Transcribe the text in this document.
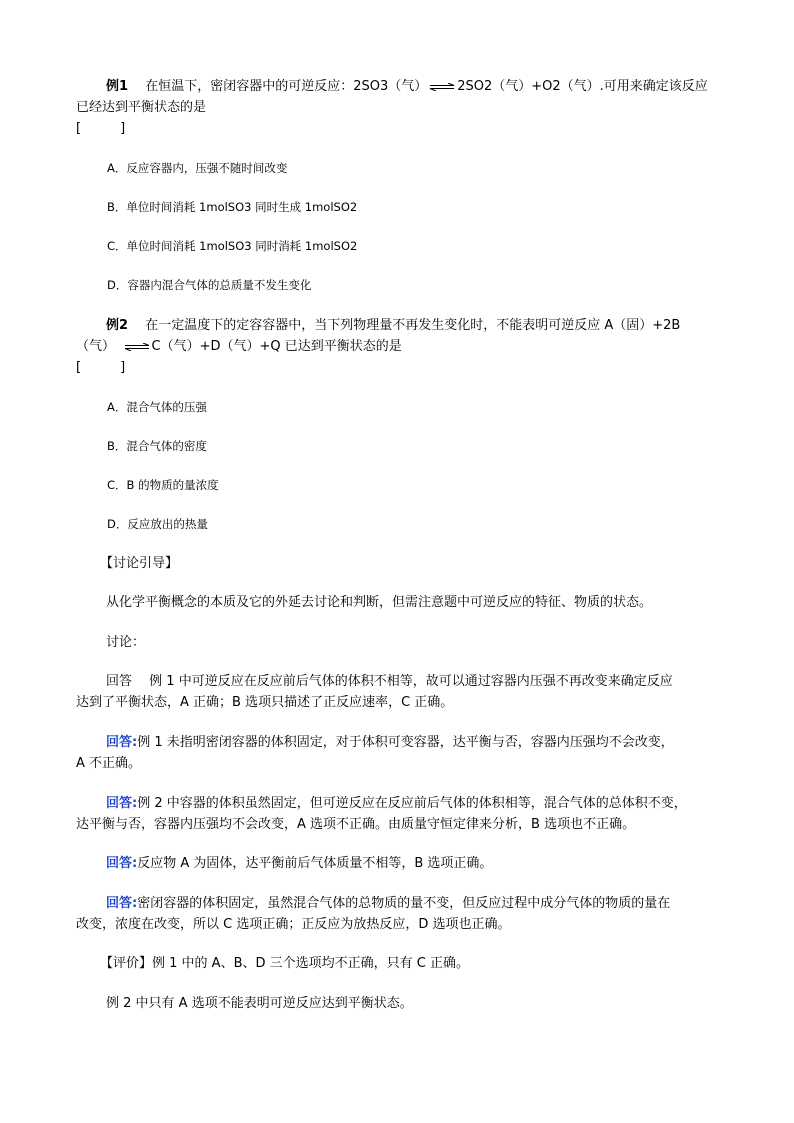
例1　 在恒温下，密闭容器中的可逆反应：2SO3（气） ⇌ 2SO2（气）+O2（气）.可用来确定该反应

已经达到平衡状态的是

[　　　]

A．反应容器内，压强不随时间改变

B．单位时间消耗 1molSO3 同时生成 1molSO2

C．单位时间消耗 1molSO3 同时消耗 1molSO2

D．容器内混合气体的总质量不发生变化

例2　 在一定温度下的定容容器中，当下列物理量不再发生变化时，不能表明可逆反应 A（固）+2B

（气）　 ⇌ C（气）+D（气）+Q 已达到平衡状态的是

[　　　]

A．混合气体的压强

B．混合气体的密度

C．B 的物质的量浓度

D．反应放出的热量

【讨论引导】

从化学平衡概念的本质及它的外延去讨论和判断，但需注意题中可逆反应的特征、物质的状态。

讨论：

回答　 例 1 中可逆反应在反应前后气体的体积不相等，故可以通过容器内压强不再改变来确定反应

达到了平衡状态，A 正确；B 选项只描述了正反应速率，C 正确。

回答:例 1 未指明密闭容器的体积固定，对于体积可变容器，达平衡与否，容器内压强均不会改变，

A 不正确。

回答:例 2 中容器的体积虽然固定，但可逆反应在反应前后气体的体积相等，混合气体的总体积不变，

达平衡与否，容器内压强均不会改变，A 选项不正确。由质量守恒定律来分析，B 选项也不正确。

回答:反应物 A 为固体，达平衡前后气体质量不相等，B 选项正确。

回答:密闭容器的体积固定，虽然混合气体的总物质的量不变，但反应过程中成分气体的物质的量在

改变，浓度在改变，所以 C 选项正确；正反应为放热反应，D 选项也正确。

【评价】例 1 中的 A、B、D 三个选项均不正确，只有 C 正确。

例 2 中只有 A 选项不能表明可逆反应达到平衡状态。
